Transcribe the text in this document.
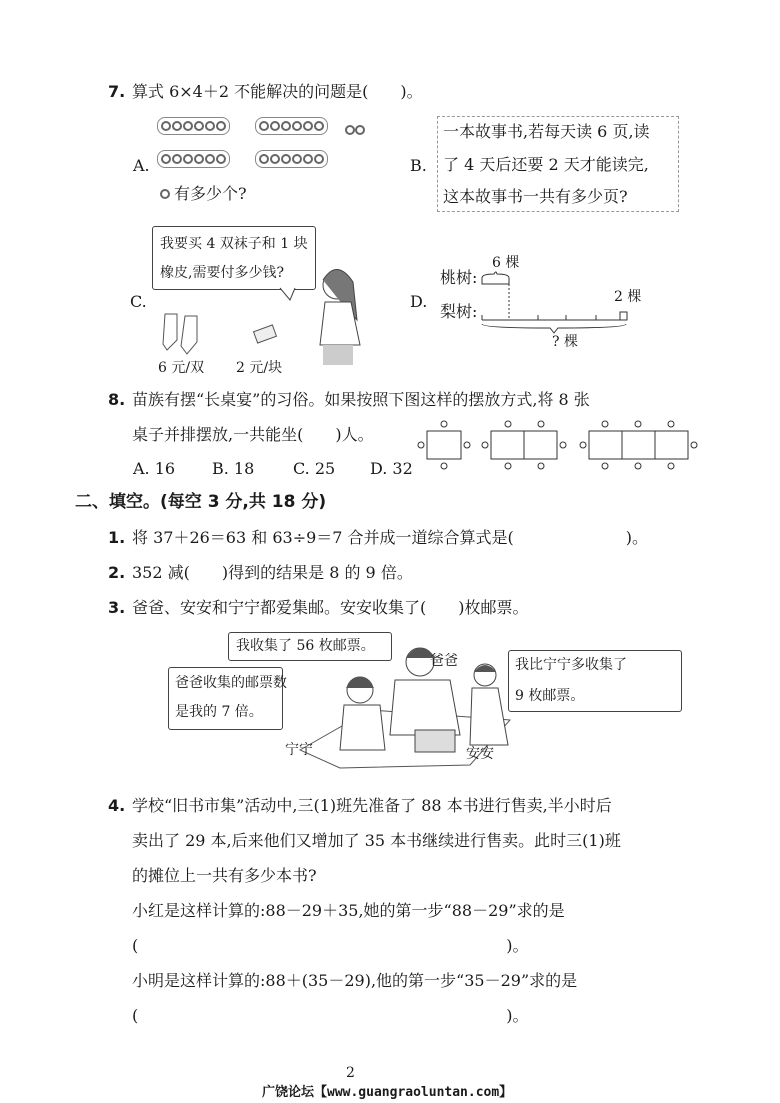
7. 算式 6×4＋2 不能解决的问题是(　　)。
A.
有多少个?
B.
一本故事书,若每天读 6 页,读
了 4 天后还要 2 天才能读完,
这本故事书一共有多少页?
C.
我要买 4 双袜子和 1 块
橡皮,需要付多少钱?
6 元/双 2 元/块
D.
桃树:
梨树:
6 棵
2 棵
? 棵
8. 苗族有摆“长桌宴”的习俗。如果按照下图这样的摆放方式,将 8 张
桌子并排摆放,一共能坐(　　)人。
A. 16 B. 18 C. 25 D. 32
二、填空。(每空 3 分,共 18 分)
1. 将 37＋26＝63 和 63÷9＝7 合并成一道综合算式是(　　　　　　　)。
2. 352 减(　　)得到的结果是 8 的 9 倍。
3. 爸爸、安安和宁宁都爱集邮。安安收集了(　　)枚邮票。
我收集了 56 枚邮票。
爸爸收集的邮票数
是我的 7 倍。
我比宁宁多收集了
9 枚邮票。
爸爸
宁宁	安安
4. 学校“旧书市集”活动中,三(1)班先准备了 88 本书进行售卖,半小时后
卖出了 29 本,后来他们又增加了 35 本书继续进行售卖。此时三(1)班
的摊位上一共有多少本书?
小红是这样计算的:88－29＋35,她的第一步“88－29”求的是
(　　　　　　　　　　　　　　　　　　　　　　　)。
小明是这样计算的:88＋(35－29),他的第一步“35－29”求的是
(　　　　　　　　　　　　　　　　　　　　　　　)。
2
广饶论坛【www.guangraoluntan.com】
